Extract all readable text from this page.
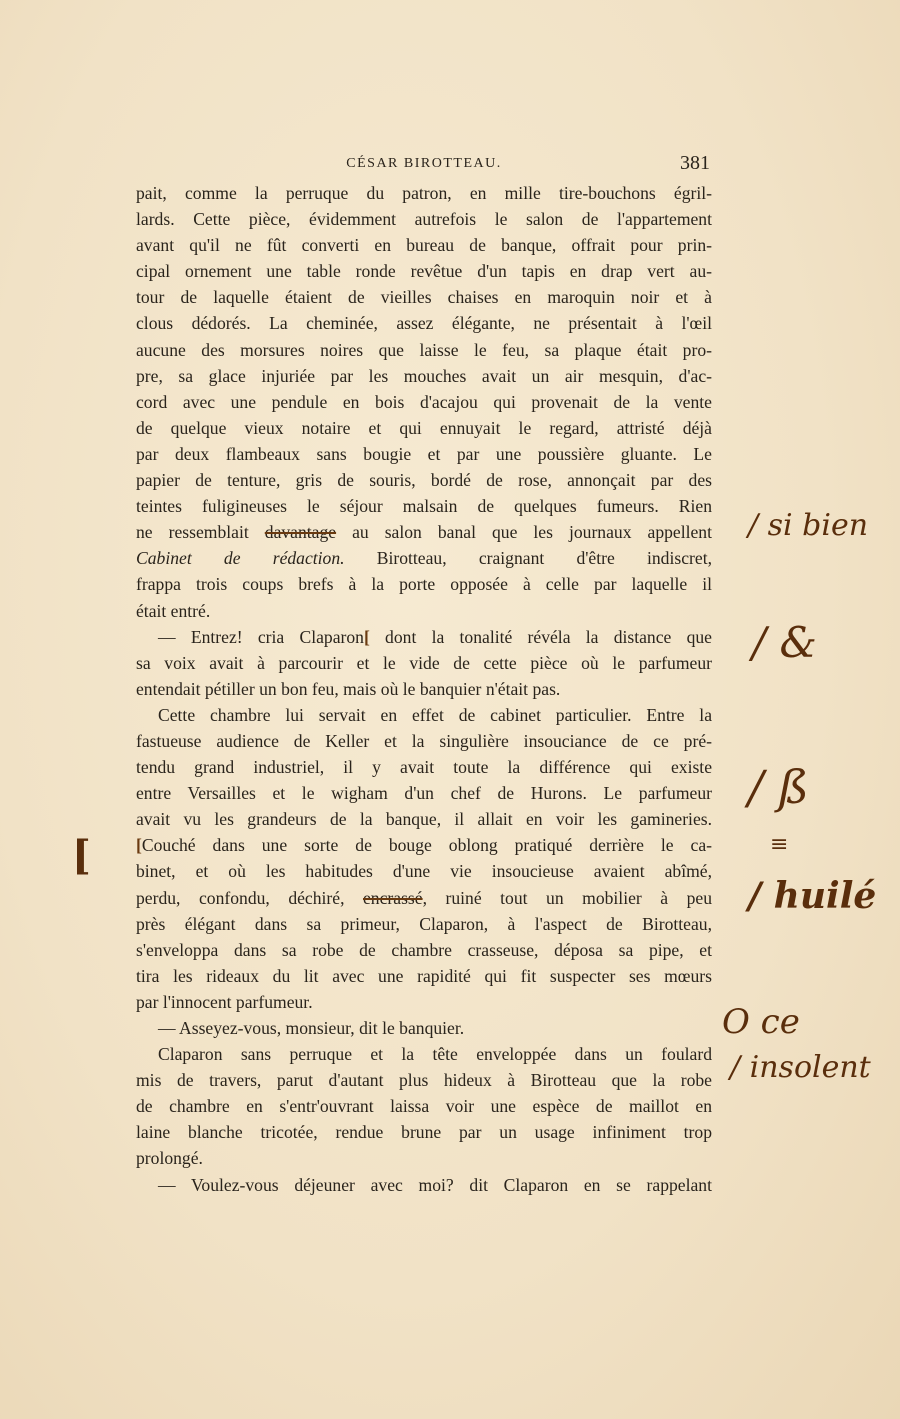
CÉSAR BIROTTEAU.	381
pait, comme la perruque du patron, en mille tire-bouchons égril-
lards. Cette pièce, évidemment autrefois le salon de l'appartement
avant qu'il ne fût converti en bureau de banque, offrait pour prin-
cipal ornement une table ronde revêtue d'un tapis en drap vert au-
tour de laquelle étaient de vieilles chaises en maroquin noir et à
clous dédorés. La cheminée, assez élégante, ne présentait à l'œil
aucune des morsures noires que laisse le feu, sa plaque était pro-
pre, sa glace injuriée par les mouches avait un air mesquin, d'ac-
cord avec une pendule en bois d'acajou qui provenait de la vente
de quelque vieux notaire et qui ennuyait le regard, attristé déjà
par deux flambeaux sans bougie et par une poussière gluante. Le
papier de tenture, gris de souris, bordé de rose, annonçait par des
teintes fuligineuses le séjour malsain de quelques fumeurs. Rien
ne ressemblait davantage au salon banal que les journaux appellent
Cabinet de rédaction. Birotteau, craignant d'être indiscret,
frappa trois coups brefs à la porte opposée à celle par laquelle il
était entré.
— Entrez! cria Claparon[ dont la tonalité révéla la distance que
sa voix avait à parcourir et le vide de cette pièce où le parfumeur
entendait pétiller un bon feu, mais où le banquier n'était pas.
Cette chambre lui servait en effet de cabinet particulier. Entre la
fastueuse audience de Keller et la singulière insouciance de ce pré-
tendu grand industriel, il y avait toute la différence qui existe
entre Versailles et le wigham d'un chef de Hurons. Le parfumeur
avait vu les grandeurs de la banque, il allait en voir les gamineries.
[Couché dans une sorte de bouge oblong pratiqué derrière le ca-
binet, et où les habitudes d'une vie insoucieuse avaient abîmé,
perdu, confondu, déchiré, encrassé, ruiné tout un mobilier à peu
près élégant dans sa primeur, Claparon, à l'aspect de Birotteau,
s'enveloppa dans sa robe de chambre crasseuse, déposa sa pipe, et
tira les rideaux du lit avec une rapidité qui fit suspecter ses mœurs
par l'innocent parfumeur.
— Asseyez-vous, monsieur, dit le banquier.
Claparon sans perruque et la tête enveloppée dans un foulard
mis de travers, parut d'autant plus hideux à Birotteau que la robe
de chambre en s'entr'ouvrant laissa voir une espèce de maillot en
laine blanche tricotée, rendue brune par un usage infiniment trop
prolongé.
— Voulez-vous déjeuner avec moi? dit Claparon en se rappelant
/ si bien
/ &
/ ß
/ huilé
O ce
/ insolent
[	≡
